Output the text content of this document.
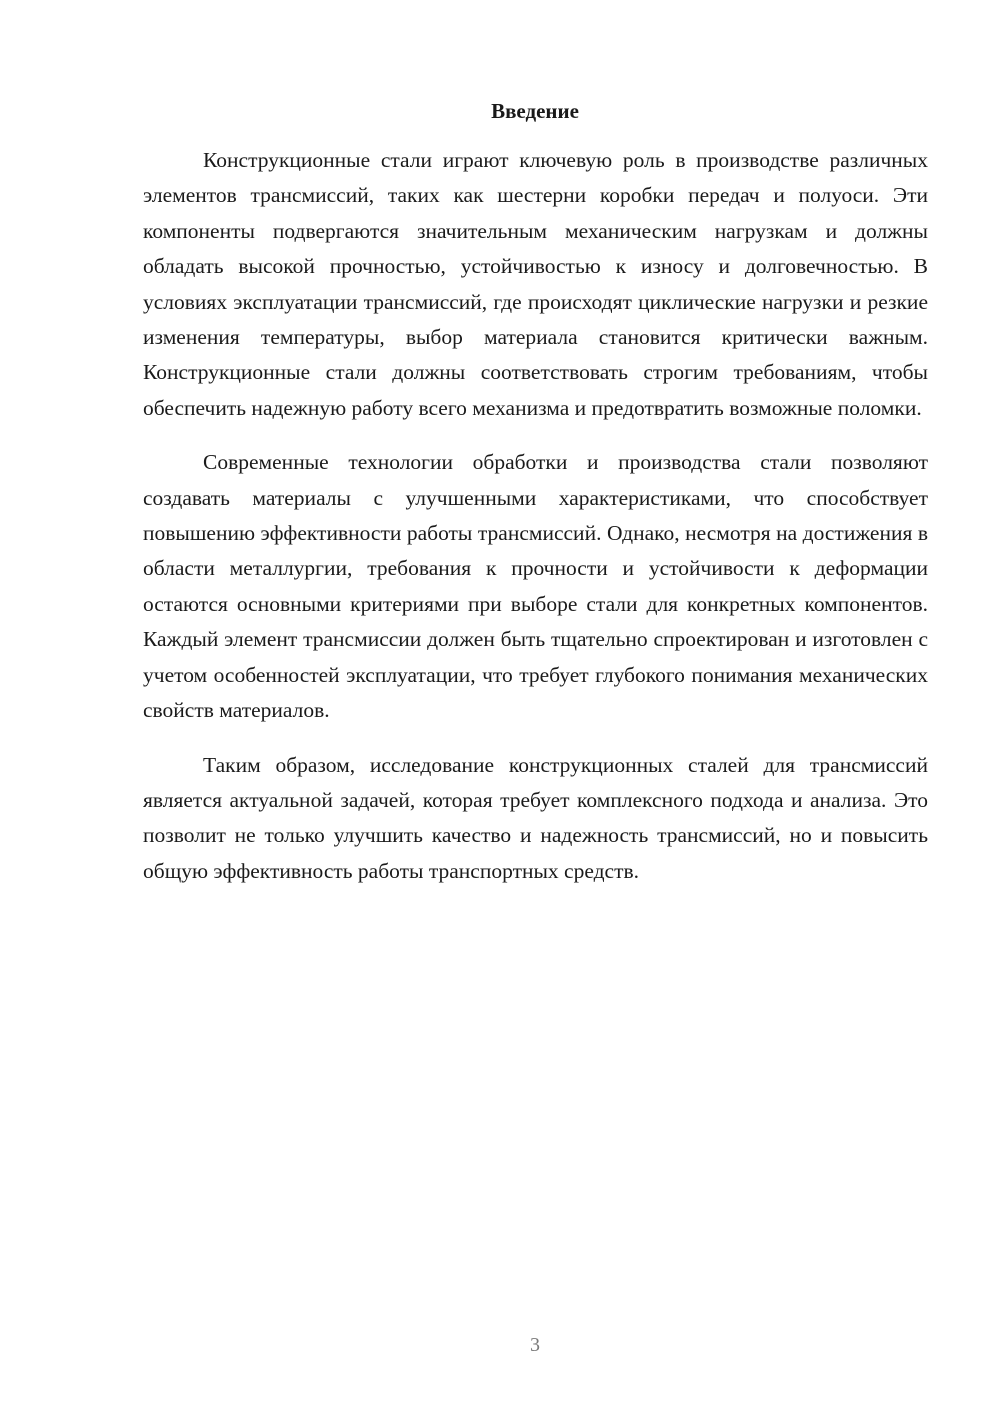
Введение

Конструкционные стали играют ключевую роль в производстве различных элементов трансмиссий, таких как шестерни коробки передач и полуоси. Эти компоненты подвергаются значительным механическим нагрузкам и должны обладать высокой прочностью, устойчивостью к износу и долговечностью. В условиях эксплуатации трансмиссий, где происходят циклические нагрузки и резкие изменения температуры, выбор материала становится критически важным. Конструкционные стали должны соответствовать строгим требованиям, чтобы обеспечить надежную работу всего механизма и предотвратить возможные поломки.

Современные технологии обработки и производства стали позволяют создавать материалы с улучшенными характеристиками, что способствует повышению эффективности работы трансмиссий. Однако, несмотря на достижения в области металлургии, требования к прочности и устойчивости к деформации остаются основными критериями при выборе стали для конкретных компонентов. Каждый элемент трансмиссии должен быть тщательно спроектирован и изготовлен с учетом особенностей эксплуатации, что требует глубокого понимания механических свойств материалов.

Таким образом, исследование конструкционных сталей для трансмиссий является актуальной задачей, которая требует комплексного подхода и анализа. Это позволит не только улучшить качество и надежность трансмиссий, но и повысить общую эффективность работы транспортных средств.

3
